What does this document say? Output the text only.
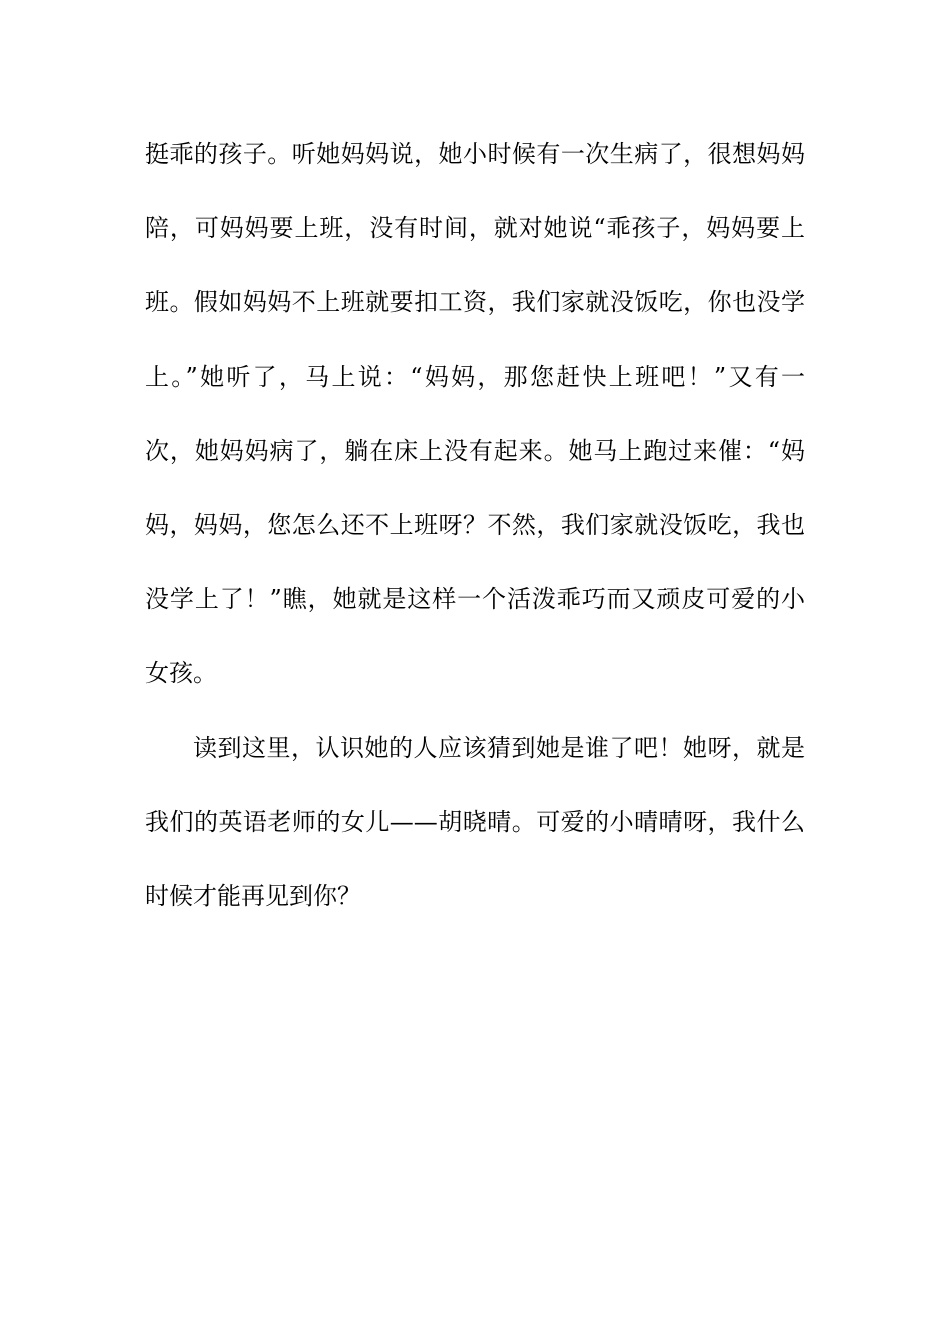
挺乖的孩子。听她妈妈说，她小时候有一次生病了，很想妈妈
陪，可妈妈要上班，没有时间，就对她说“乖孩子，妈妈要上
班。假如妈妈不上班就要扣工资，我们家就没饭吃，你也没学
上。”她听了，马上说：“妈妈，那您赶快上班吧！”又有一
次，她妈妈病了，躺在床上没有起来。她马上跑过来催：“妈
妈，妈妈，您怎么还不上班呀？不然，我们家就没饭吃，我也
没学上了！”瞧，她就是这样一个活泼乖巧而又顽皮可爱的小
女孩。
读到这里，认识她的人应该猜到她是谁了吧！她呀，就是
我们的英语老师的女儿——胡晓晴。可爱的小晴晴呀，我什么
时候才能再见到你？
